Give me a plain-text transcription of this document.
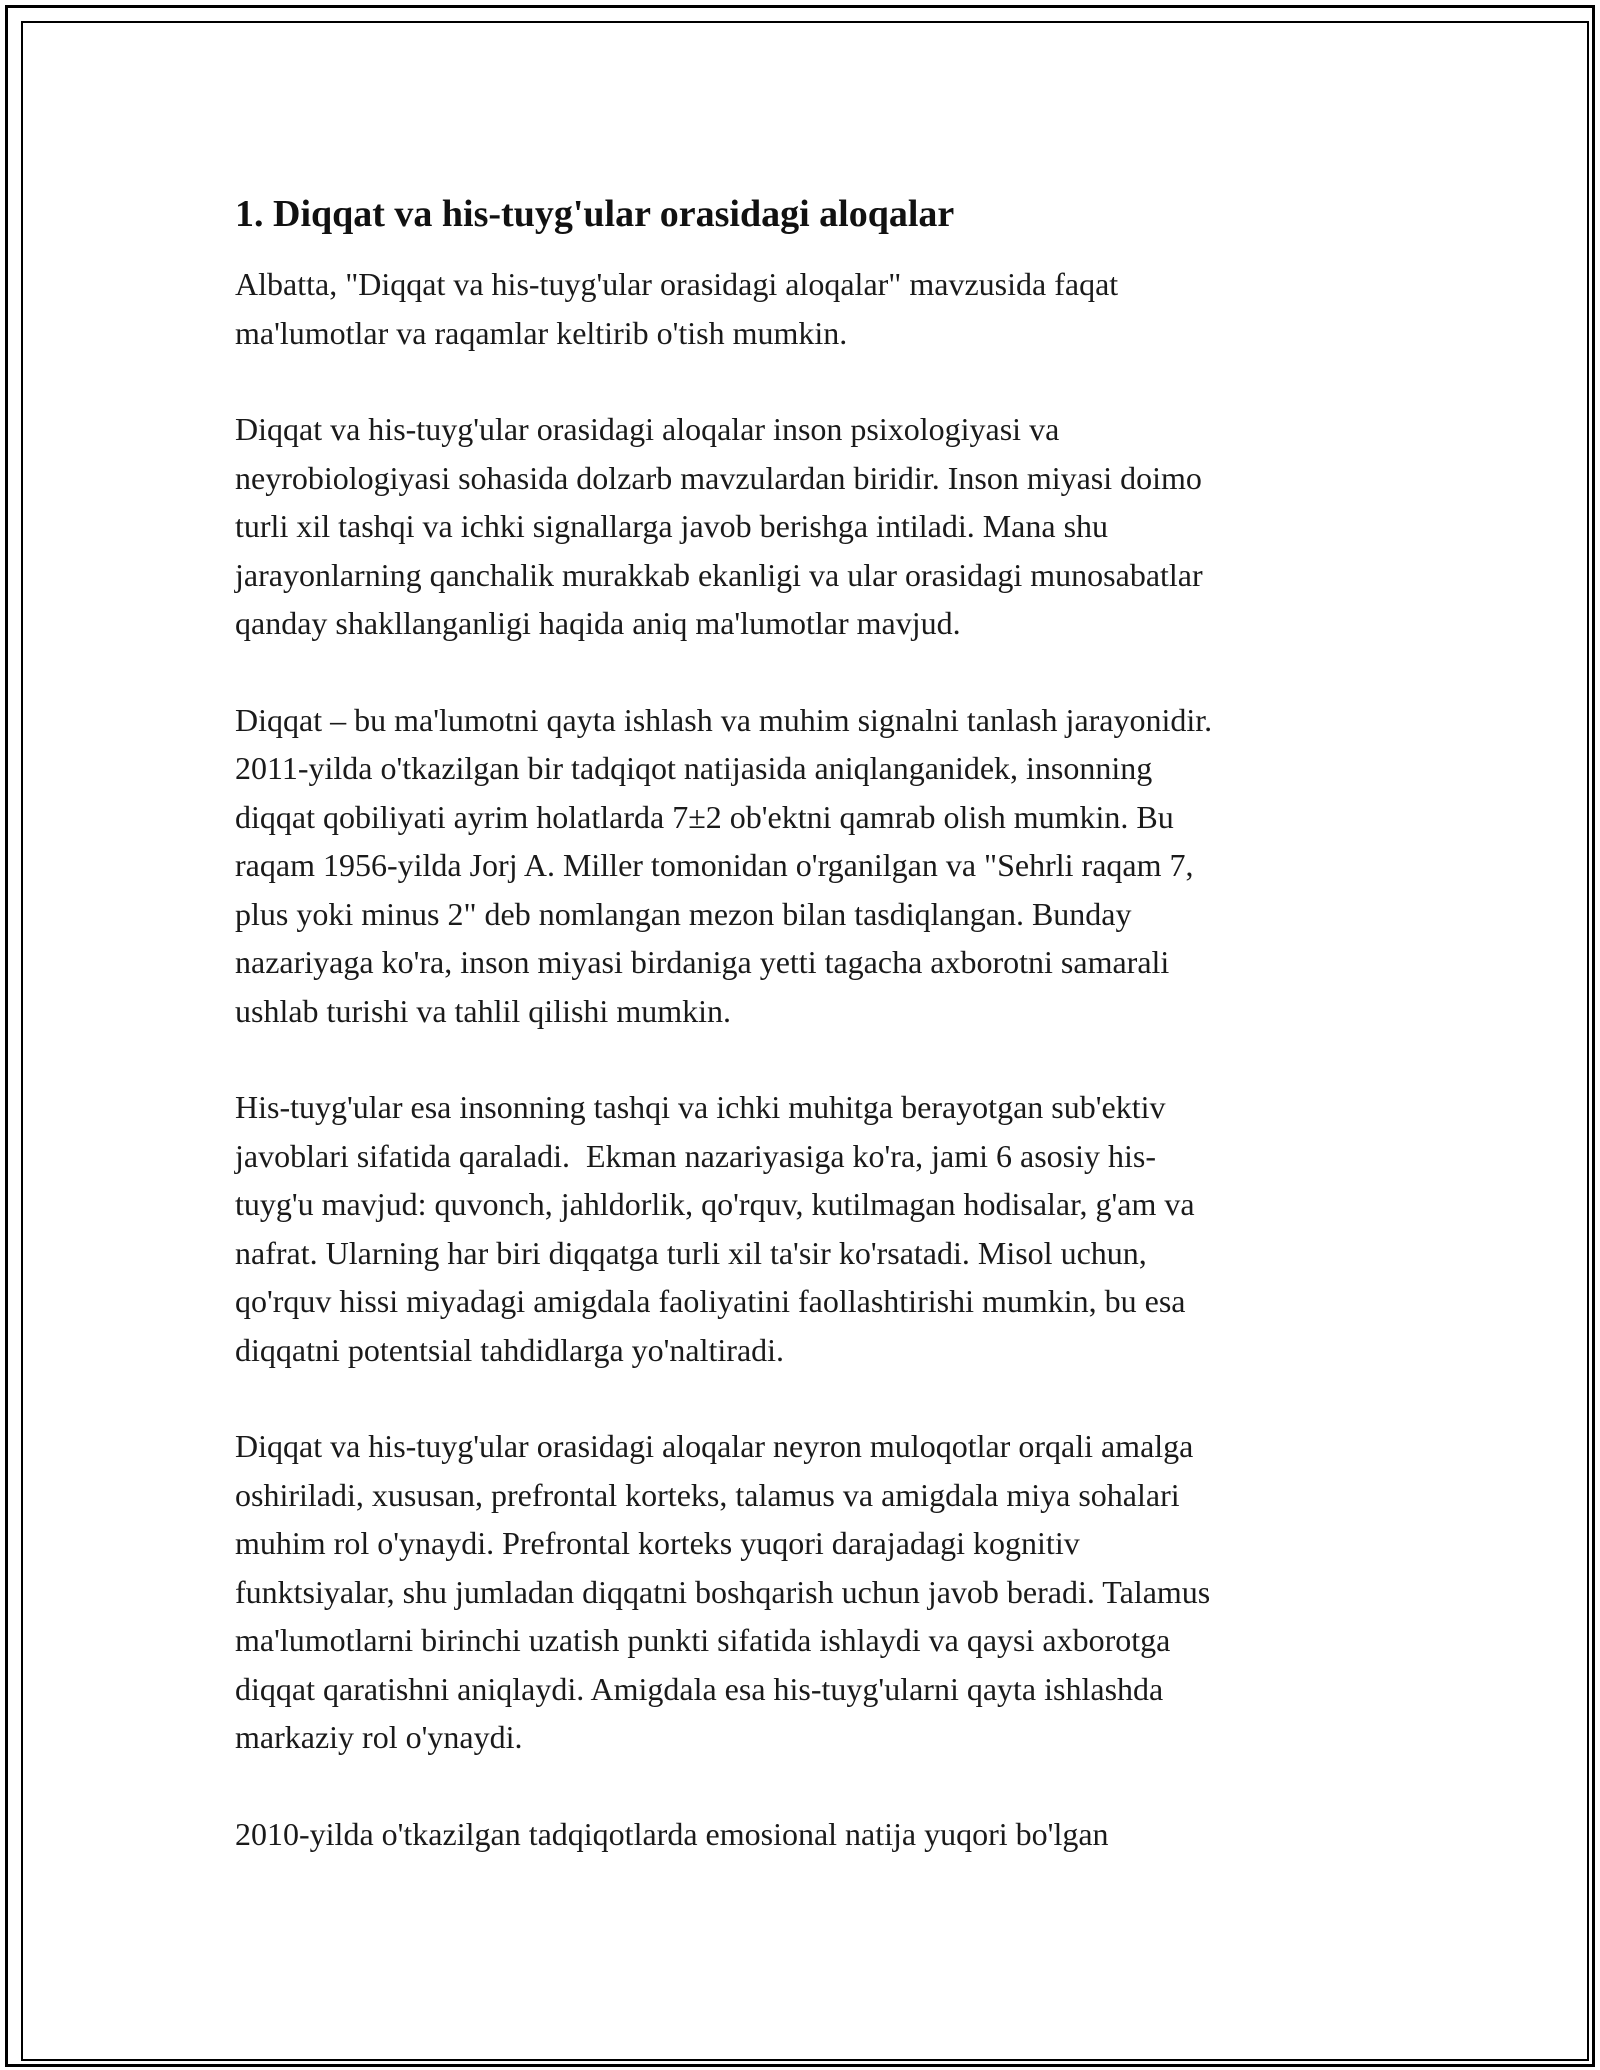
1. Diqqat va his-tuyg'ular orasidagi aloqalar

Albatta, "Diqqat va his-tuyg'ular orasidagi aloqalar" mavzusida faqat
ma'lumotlar va raqamlar keltirib o'tish mumkin.

Diqqat va his-tuyg'ular orasidagi aloqalar inson psixologiyasi va
neyrobiologiyasi sohasida dolzarb mavzulardan biridir. Inson miyasi doimo
turli xil tashqi va ichki signallarga javob berishga intiladi. Mana shu
jarayonlarning qanchalik murakkab ekanligi va ular orasidagi munosabatlar
qanday shakllanganligi haqida aniq ma'lumotlar mavjud.

Diqqat – bu ma'lumotni qayta ishlash va muhim signalni tanlash jarayonidir.
2011-yilda o'tkazilgan bir tadqiqot natijasida aniqlanganidek, insonning
diqqat qobiliyati ayrim holatlarda 7±2 ob'ektni qamrab olish mumkin. Bu
raqam 1956-yilda Jorj A. Miller tomonidan o'rganilgan va "Sehrli raqam 7,
plus yoki minus 2" deb nomlangan mezon bilan tasdiqlangan. Bunday
nazariyaga ko'ra, inson miyasi birdaniga yetti tagacha axborotni samarali
ushlab turishi va tahlil qilishi mumkin.

His-tuyg'ular esa insonning tashqi va ichki muhitga berayotgan sub'ektiv
javoblari sifatida qaraladi.  Ekman nazariyasiga ko'ra, jami 6 asosiy his-
tuyg'u mavjud: quvonch, jahldorlik, qo'rquv, kutilmagan hodisalar, g'am va
nafrat. Ularning har biri diqqatga turli xil ta'sir ko'rsatadi. Misol uchun,
qo'rquv hissi miyadagi amigdala faoliyatini faollashtirishi mumkin, bu esa
diqqatni potentsial tahdidlarga yo'naltiradi.

Diqqat va his-tuyg'ular orasidagi aloqalar neyron muloqotlar orqali amalga
oshiriladi, xususan, prefrontal korteks, talamus va amigdala miya sohalari
muhim rol o'ynaydi. Prefrontal korteks yuqori darajadagi kognitiv
funktsiyalar, shu jumladan diqqatni boshqarish uchun javob beradi. Talamus
ma'lumotlarni birinchi uzatish punkti sifatida ishlaydi va qaysi axborotga
diqqat qaratishni aniqlaydi. Amigdala esa his-tuyg'ularni qayta ishlashda
markaziy rol o'ynaydi.

2010-yilda o'tkazilgan tadqiqotlarda emosional natija yuqori bo'lgan
